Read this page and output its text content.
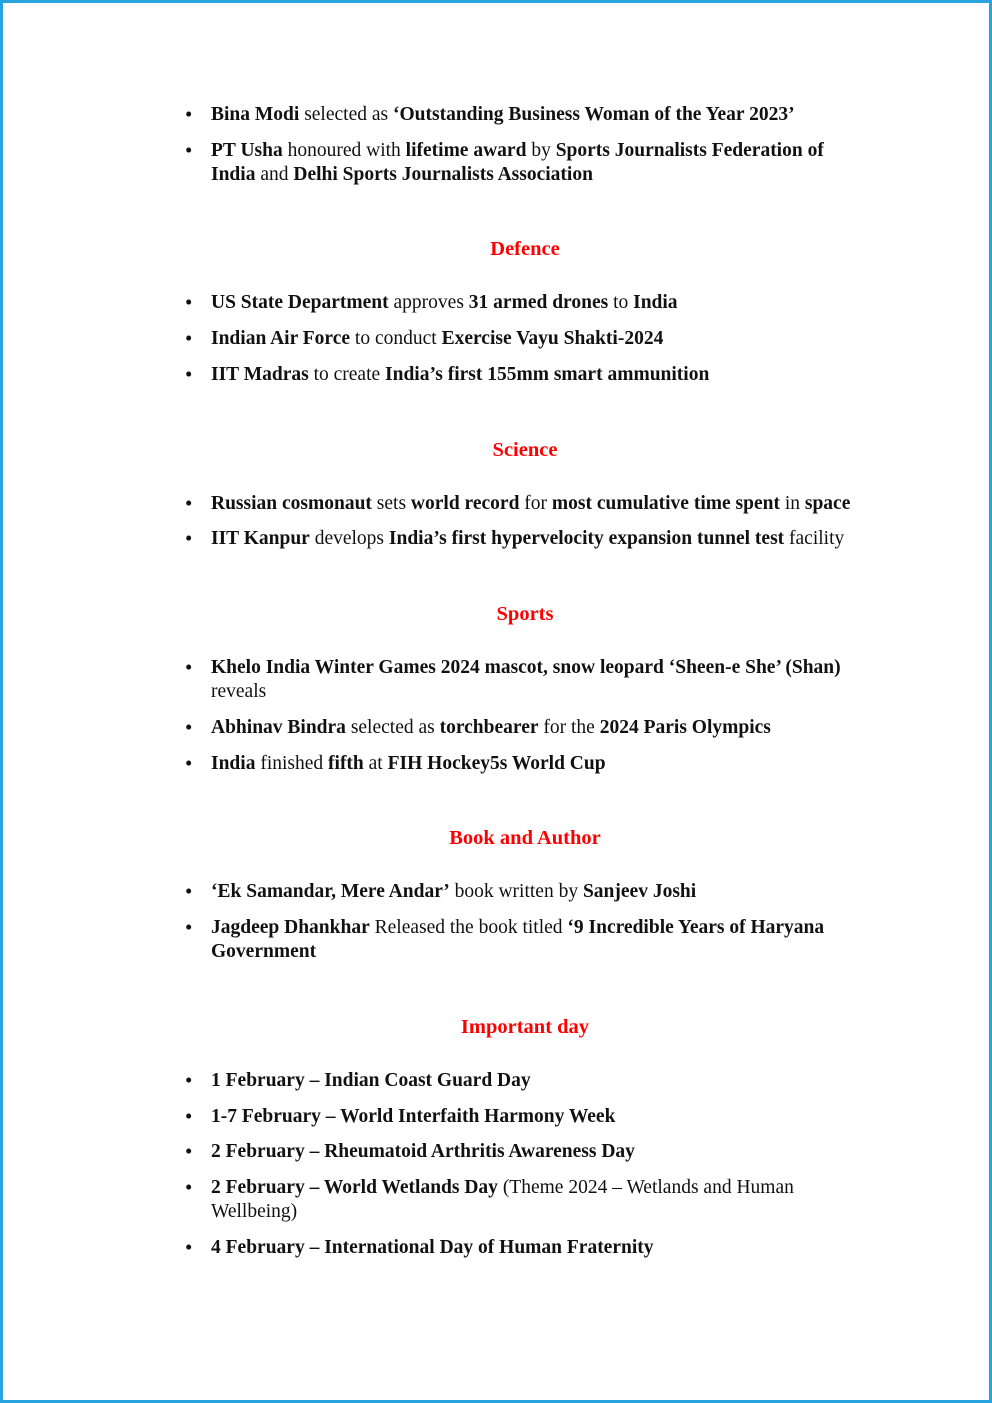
• Bina Modi selected as ‘Outstanding Business Woman of the Year 2023’
• PT Usha honoured with lifetime award by Sports Journalists Federation of India and Delhi Sports Journalists Association
Defence
• US State Department approves 31 armed drones to India
• Indian Air Force to conduct Exercise Vayu Shakti-2024
• IIT Madras to create India’s first 155mm smart ammunition
Science
• Russian cosmonaut sets world record for most cumulative time spent in space
• IIT Kanpur develops India’s first hypervelocity expansion tunnel test facility
Sports
• Khelo India Winter Games 2024 mascot, snow leopard ‘Sheen-e She’ (Shan) reveals
• Abhinav Bindra selected as torchbearer for the 2024 Paris Olympics
• India finished fifth at FIH Hockey5s World Cup
Book and Author
• ‘Ek Samandar, Mere Andar’ book written by Sanjeev Joshi
• Jagdeep Dhankhar Released the book titled ‘9 Incredible Years of Haryana Government
Important day
• 1 February – Indian Coast Guard Day
• 1-7 February – World Interfaith Harmony Week
• 2 February – Rheumatoid Arthritis Awareness Day
• 2 February – World Wetlands Day (Theme 2024 – Wetlands and Human Wellbeing)
• 4 February – International Day of Human Fraternity
